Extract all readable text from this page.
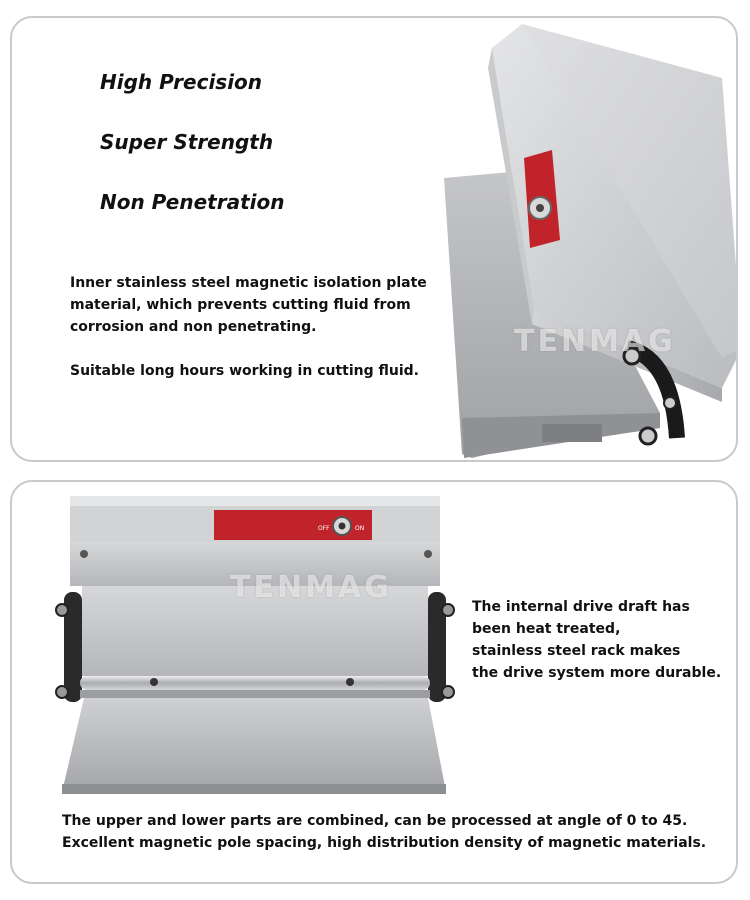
High Precision
Super Strength
Non Penetration
Inner stainless steel magnetic isolation plate
material, which prevents cutting fluid from
corrosion and non penetrating.
Suitable long hours working in cutting fluid.
TENMAG
OFF	ON
TENMAG
The internal drive draft has
been heat treated,
stainless steel rack makes
the drive system more durable.
The upper and lower parts are combined, can be processed at angle of 0 to 45.
Excellent magnetic pole spacing, high distribution density of magnetic materials.
